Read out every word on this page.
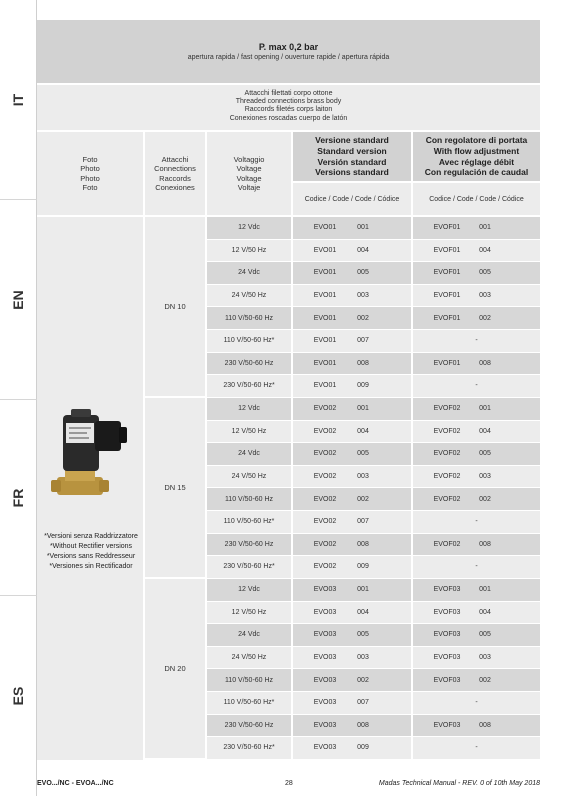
IT
EN
FR
ES
P. max 0,2 bar
apertura rapida / fast opening / ouverture rapide / apertura rápida
Attacchi filettati corpo ottone
Threaded connections brass body
Raccords filetés corps laiton
Conexiones roscadas cuerpo de latón
Foto
Photo
Photo
Foto
Attacchi
Connections
Raccords
Conexiones
Voltaggio
Voltage
Voltage
Voltaje
Versione standard
Standard version
Versión standard
Versions standard
Codice / Code / Code / Códice
Con regolatore di portata
With flow adjustment
Avec réglage débit
Con regulación de caudal
Codice / Code / Code / Códice
*Versioni senza Raddrizzatore
*Without Rectifier versions
*Versions sans Reddresseur
*Versiones sin Rectificador
DN 10
12 Vdc	EVO01	001	EVOF01	001
12 V/50 Hz	EVO01	004	EVOF01	004
24 Vdc	EVO01	005	EVOF01	005
24 V/50 Hz	EVO01	003	EVOF01	003
110 V/50-60 Hz	EVO01	002	EVOF01	002
110 V/50-60 Hz*	EVO01	007	-
230 V/50-60 Hz	EVO01	008	EVOF01	008
230 V/50-60 Hz*	EVO01	009	-
DN 15
12 Vdc	EVO02	001	EVOF02	001
12 V/50 Hz	EVO02	004	EVOF02	004
24 Vdc	EVO02	005	EVOF02	005
24 V/50 Hz	EVO02	003	EVOF02	003
110 V/50-60 Hz	EVO02	002	EVOF02	002
110 V/50-60 Hz*	EVO02	007	-
230 V/50-60 Hz	EVO02	008	EVOF02	008
230 V/50-60 Hz*	EVO02	009	-
DN 20
12 Vdc	EVO03	001	EVOF03	001
12 V/50 Hz	EVO03	004	EVOF03	004
24 Vdc	EVO03	005	EVOF03	005
24 V/50 Hz	EVO03	003	EVOF03	003
110 V/50-60 Hz	EVO03	002	EVOF03	002
110 V/50-60 Hz*	EVO03	007	-
230 V/50-60 Hz	EVO03	008	EVOF03	008
230 V/50-60 Hz*	EVO03	009	-
EVO.../NC - EVOA.../NC	28	Madas Technical Manual - REV. 0 of 10th May 2018
